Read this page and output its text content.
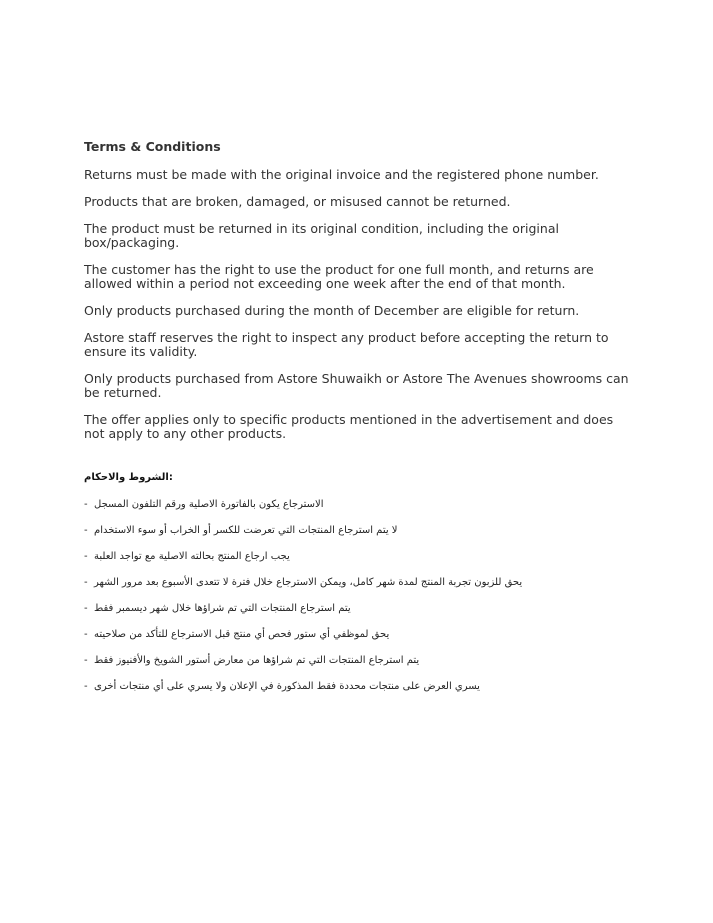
Terms & Conditions
Returns must be made with the original invoice and the registered phone number.
Products that are broken, damaged, or misused cannot be returned.
The product must be returned in its original condition, including the original box/packaging.
The customer has the right to use the product for one full month, and returns are allowed within a period not exceeding one week after the end of that month.
Only products purchased during the month of December are eligible for return.
Astore staff reserves the right to inspect any product before accepting the return to ensure its validity.
Only products purchased from Astore Shuwaikh or Astore The Avenues showrooms can be returned.
The offer applies only to specific products mentioned in the advertisement and does not apply to any other products.
الشروط والاحكام:
- الاسترجاع يكون بالفاتورة الاصلية ورقم التلفون المسجل
- لا يتم استرجاع المنتجات التي تعرضت للكسر أو الخراب أو سوء الاستخدام
- يجب ارجاع المنتج بحالته الاصلية مع تواجد العلبة
- يحق للزبون تجربة المنتج لمدة شهر كامل، ويمكن الاسترجاع خلال فترة لا تتعدى الأسبوع بعد مرور الشهر
- يتم استرجاع المنتجات التي تم شراؤها خلال شهر ديسمبر فقط
- يحق لموظفي أي ستور فحص أي منتج قبل الاسترجاع للتأكد من صلاحيته
- يتم استرجاع المنتجات التي تم شراؤها من معارض أستور الشويخ والأفنيوز فقط
- يسري العرض على منتجات محددة فقط المذكورة في الإعلان ولا يسري على أي منتجات أخرى
